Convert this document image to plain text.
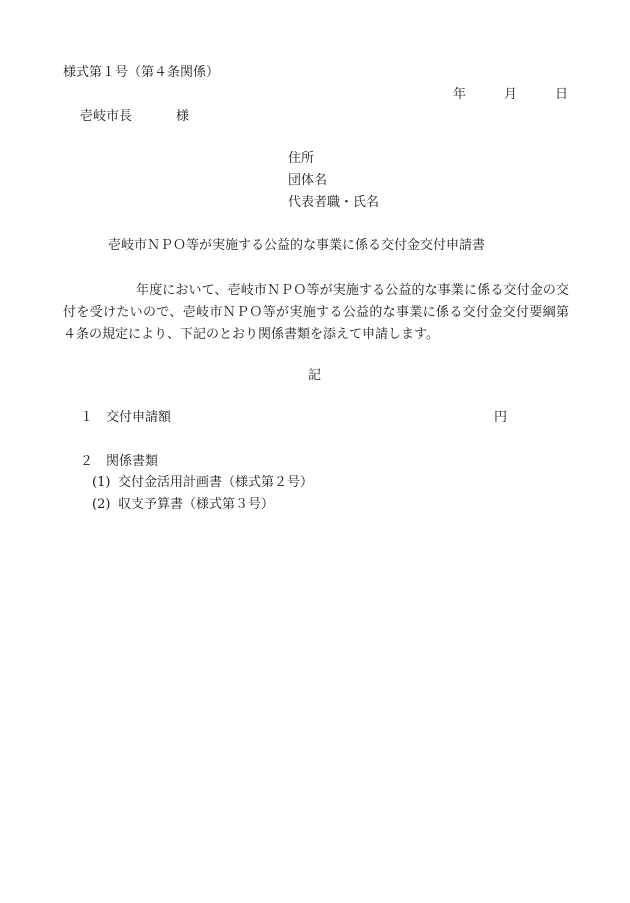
様式第１号（第４条関係）
年	月	日
壱岐市長	様
住所
団体名
代表者職・氏名
壱岐市ＮＰＯ等が実施する公益的な事業に係る交付金交付申請書
年度において、壱岐市ＮＰＯ等が実施する公益的な事業に係る交付金の交付を受けたいので、壱岐市ＮＰＯ等が実施する公益的な事業に係る交付金交付要綱第４条の規定により、下記のとおり関係書類を添えて申請します。
記
１ 交付申請額	円
２ 関係書類
(1) 交付金活用計画書（様式第２号）
(2) 収支予算書（様式第３号）
